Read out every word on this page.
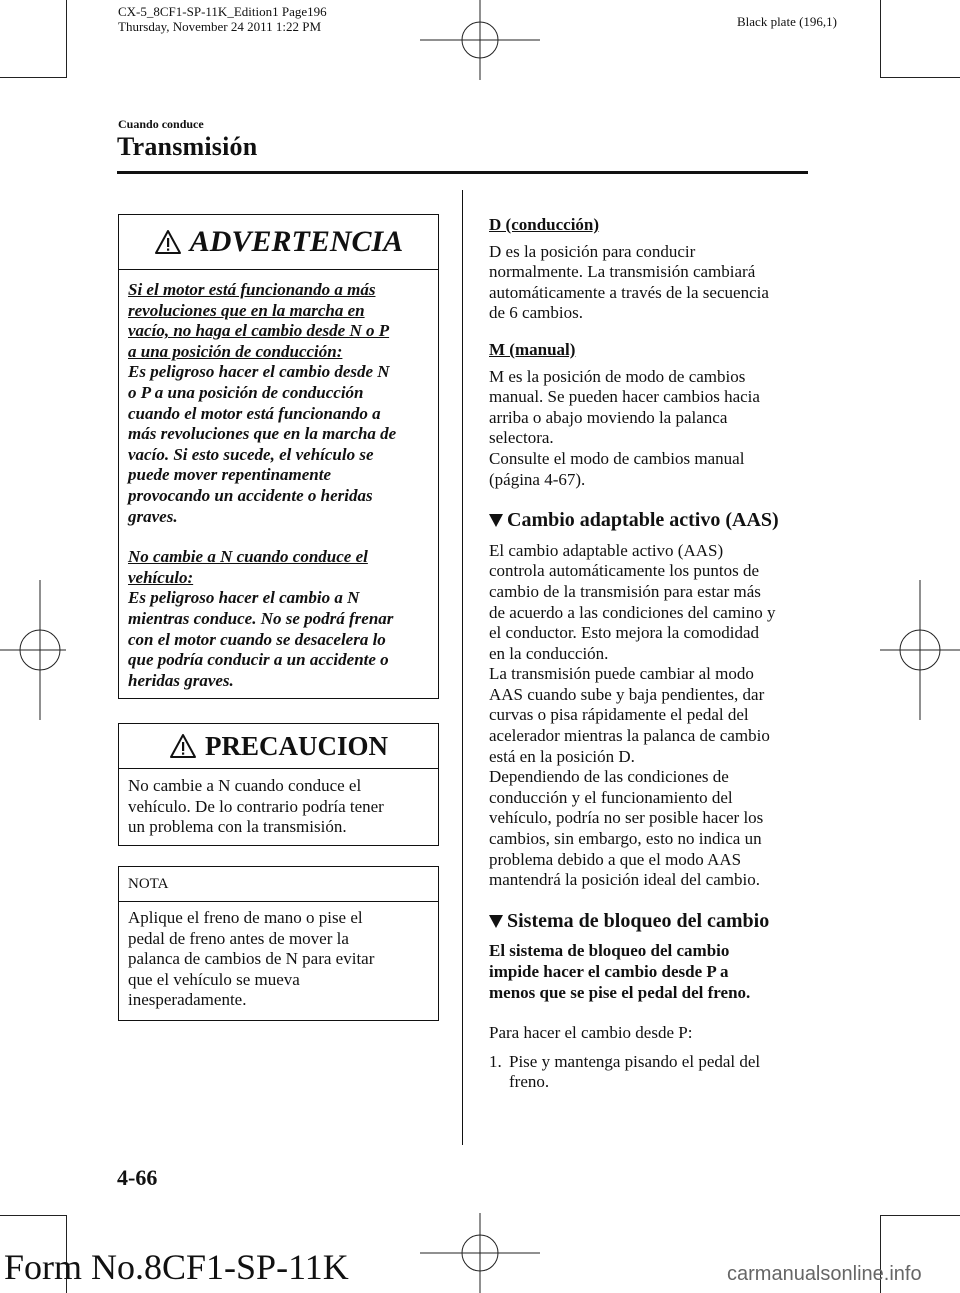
CX-5_8CF1-SP-11K_Edition1 Page196
Thursday, November 24 2011 1:22 PM	Black plate (196,1)
Cuando conduce
Transmisión
ADVERTENCIA
Si el motor está funcionando a más
revoluciones que en la marcha en
vacío, no haga el cambio desde N o P
a una posición de conducción:
Es peligroso hacer el cambio desde N
o P a una posición de conducción
cuando el motor está funcionando a
más revoluciones que en la marcha de
vacío. Si esto sucede, el vehículo se
puede mover repentinamente
provocando un accidente o heridas
graves.
No cambie a N cuando conduce el
vehículo:
Es peligroso hacer el cambio a N
mientras conduce. No se podrá frenar
con el motor cuando se desacelera lo
que podría conducir a un accidente o
heridas graves.
PRECAUCION
No cambie a N cuando conduce el
vehículo. De lo contrario podría tener
un problema con la transmisión.
NOTA
Aplique el freno de mano o pise el
pedal de freno antes de mover la
palanca de cambios de N para evitar
que el vehículo se mueva
inesperadamente.
D (conducción)
D es la posición para conducir
normalmente. La transmisión cambiará
automáticamente a través de la secuencia
de 6 cambios.
M (manual)
M es la posición de modo de cambios
manual. Se pueden hacer cambios hacia
arriba o abajo moviendo la palanca
selectora.
Consulte el modo de cambios manual
(página 4-67).
Cambio adaptable activo (AAS)
El cambio adaptable activo (AAS)
controla automáticamente los puntos de
cambio de la transmisión para estar más
de acuerdo a las condiciones del camino y
el conductor. Esto mejora la comodidad
en la conducción.
La transmisión puede cambiar al modo
AAS cuando sube y baja pendientes, dar
curvas o pisa rápidamente el pedal del
acelerador mientras la palanca de cambio
está en la posición D.
Dependiendo de las condiciones de
conducción y el funcionamiento del
vehículo, podría no ser posible hacer los
cambios, sin embargo, esto no indica un
problema debido a que el modo AAS
mantendrá la posición ideal del cambio.
Sistema de bloqueo del cambio
El sistema de bloqueo del cambio
impide hacer el cambio desde P a
menos que se pise el pedal del freno.
Para hacer el cambio desde P:
1. Pise y mantenga pisando el pedal del
freno.
4-66
Form No.8CF1-SP-11K	carmanualsonline.info
